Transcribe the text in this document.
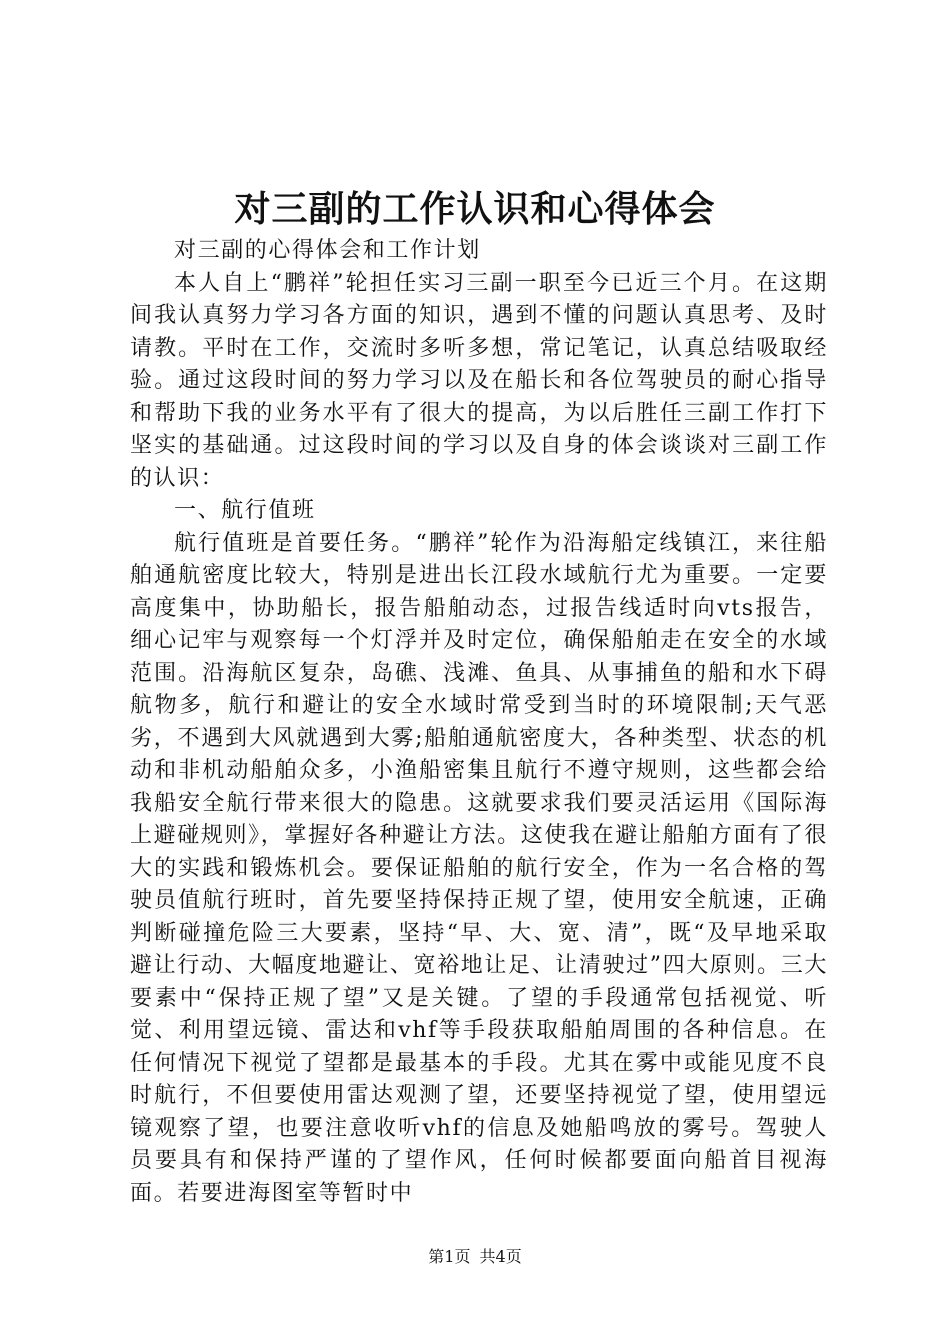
对三副的工作认识和心得体会

对三副的心得体会和工作计划

本人自上“鹏祥”轮担任实习三副一职至今已近三个月。在这期间我认真努力学习各方面的知识，遇到不懂的问题认真思考、及时请教。平时在工作，交流时多听多想，常记笔记，认真总结吸取经验。通过这段时间的努力学习以及在船长和各位驾驶员的耐心指导和帮助下我的业务水平有了很大的提高，为以后胜任三副工作打下坚实的基础通。过这段时间的学习以及自身的体会谈谈对三副工作的认识：

一、航行值班

航行值班是首要任务。“鹏祥”轮作为沿海船定线镇江，来往船舶通航密度比较大，特别是进出长江段水域航行尤为重要。一定要高度集中，协助船长，报告船舶动态，过报告线适时向vts报告，细心记牢与观察每一个灯浮并及时定位，确保船舶走在安全的水域范围。沿海航区复杂，岛礁、浅滩、鱼具、从事捕鱼的船和水下碍航物多，航行和避让的安全水域时常受到当时的环境限制;天气恶劣，不遇到大风就遇到大雾;船舶通航密度大，各种类型、状态的机动和非机动船舶众多，小渔船密集且航行不遵守规则，这些都会给我船安全航行带来很大的隐患。这就要求我们要灵活运用《国际海上避碰规则》，掌握好各种避让方法。这使我在避让船舶方面有了很大的实践和锻炼机会。要保证船舶的航行安全，作为一名合格的驾驶员值航行班时，首先要坚持保持正规了望，使用安全航速，正确判断碰撞危险三大要素，坚持“早、大、宽、清”，既“及早地采取避让行动、大幅度地避让、宽裕地让足、让清驶过”四大原则。三大要素中“保持正规了望”又是关键。了望的手段通常包括视觉、听觉、利用望远镜、雷达和vhf等手段获取船舶周围的各种信息。在任何情况下视觉了望都是最基本的手段。尤其在雾中或能见度不良时航行，不但要使用雷达观测了望，还要坚持视觉了望，使用望远镜观察了望，也要注意收听vhf的信息及她船鸣放的雾号。驾驶人员要具有和保持严谨的了望作风，任何时候都要面向船首目视海面。若要进海图室等暂时中

第1页 共4页
